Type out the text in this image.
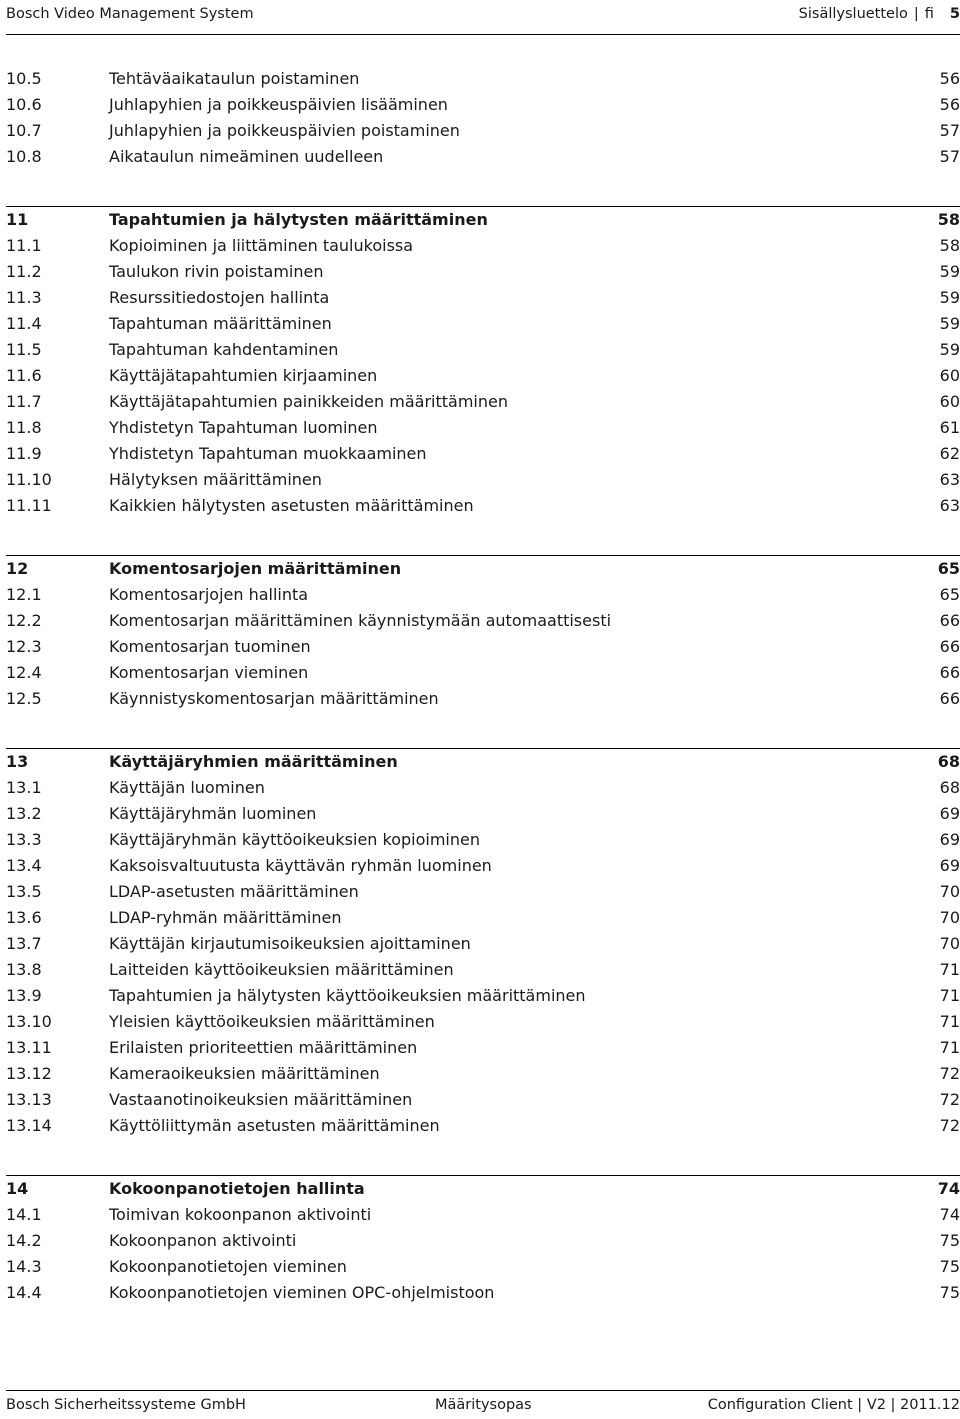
Bosch Video Management System	Sisällysluettelo | fi 5
10.5	Tehtäväaikataulun poistaminen	56
10.6	Juhlapyhien ja poikkeuspäivien lisääminen	56
10.7	Juhlapyhien ja poikkeuspäivien poistaminen	57
10.8	Aikataulun nimeäminen uudelleen	57
11	Tapahtumien ja hälytysten määrittäminen	58
11.1	Kopioiminen ja liittäminen taulukoissa	58
11.2	Taulukon rivin poistaminen	59
11.3	Resurssitiedostojen hallinta	59
11.4	Tapahtuman määrittäminen	59
11.5	Tapahtuman kahdentaminen	59
11.6	Käyttäjätapahtumien kirjaaminen	60
11.7	Käyttäjätapahtumien painikkeiden määrittäminen	60
11.8	Yhdistetyn Tapahtuman luominen	61
11.9	Yhdistetyn Tapahtuman muokkaaminen	62
11.10	Hälytyksen määrittäminen	63
11.11	Kaikkien hälytysten asetusten määrittäminen	63
12	Komentosarjojen määrittäminen	65
12.1	Komentosarjojen hallinta	65
12.2	Komentosarjan määrittäminen käynnistymään automaattisesti	66
12.3	Komentosarjan tuominen	66
12.4	Komentosarjan vieminen	66
12.5	Käynnistyskomentosarjan määrittäminen	66
13	Käyttäjäryhmien määrittäminen	68
13.1	Käyttäjän luominen	68
13.2	Käyttäjäryhmän luominen	69
13.3	Käyttäjäryhmän käyttöoikeuksien kopioiminen	69
13.4	Kaksoisvaltuutusta käyttävän ryhmän luominen	69
13.5	LDAP-asetusten määrittäminen	70
13.6	LDAP-ryhmän määrittäminen	70
13.7	Käyttäjän kirjautumisoikeuksien ajoittaminen	70
13.8	Laitteiden käyttöoikeuksien määrittäminen	71
13.9	Tapahtumien ja hälytysten käyttöoikeuksien määrittäminen	71
13.10	Yleisien käyttöoikeuksien määrittäminen	71
13.11	Erilaisten prioriteettien määrittäminen	71
13.12	Kameraoikeuksien määrittäminen	72
13.13	Vastaanotinoikeuksien määrittäminen	72
13.14	Käyttöliittymän asetusten määrittäminen	72
14	Kokoonpanotietojen hallinta	74
14.1	Toimivan kokoonpanon aktivointi	74
14.2	Kokoonpanon aktivointi	75
14.3	Kokoonpanotietojen vieminen	75
14.4	Kokoonpanotietojen vieminen OPC-ohjelmistoon	75
Bosch Sicherheitssysteme GmbH	Määritysopas	Configuration Client | V2 | 2011.12
